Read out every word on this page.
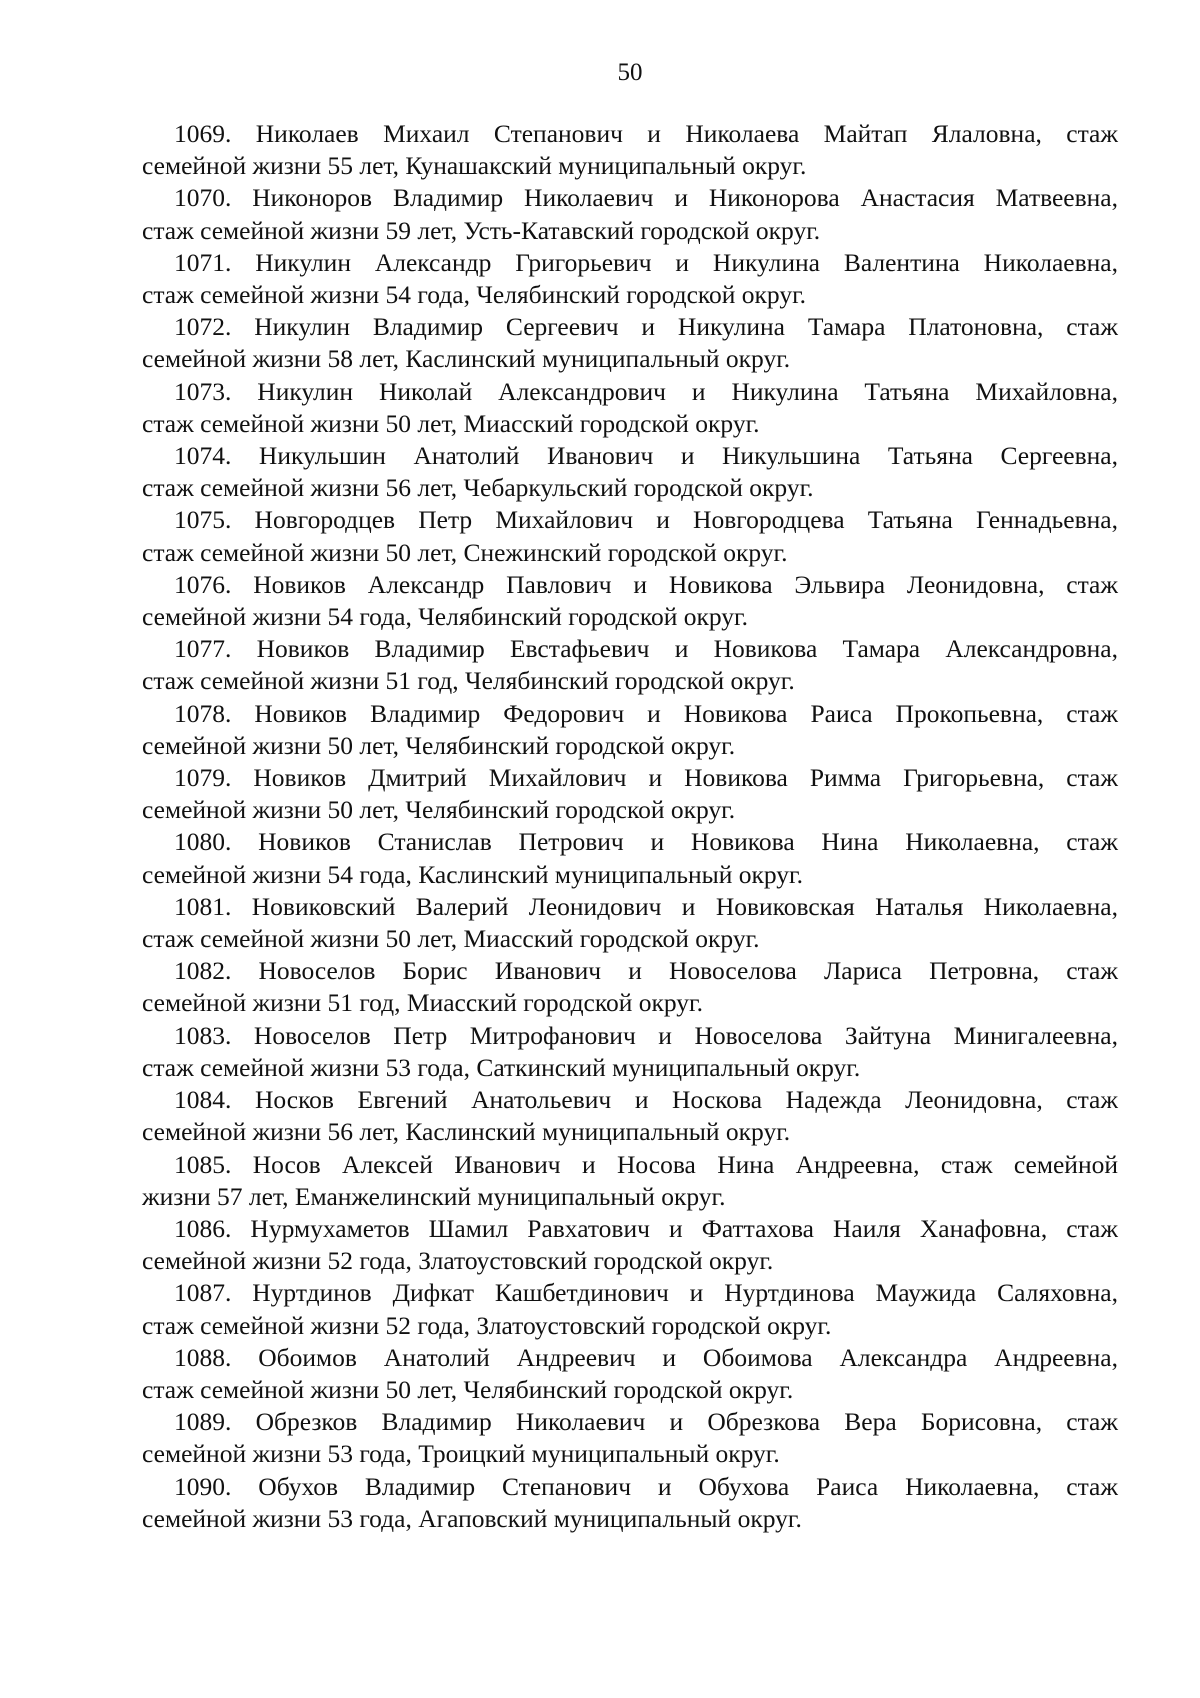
50

1069. Николаев Михаил Степанович и Николаева Майтап Ялаловна, стаж

семейной жизни 55 лет, Кунашакский муниципальный округ.

1070. Никоноров Владимир Николаевич и Никонорова Анастасия Матвеевна,

стаж семейной жизни 59 лет, Усть-Катавский городской округ.

1071. Никулин Александр Григорьевич и Никулина Валентина Николаевна,

стаж семейной жизни 54 года, Челябинский городской округ.

1072. Никулин Владимир Сергеевич и Никулина Тамара Платоновна, стаж

семейной жизни 58 лет, Каслинский муниципальный округ.

1073. Никулин Николай Александрович и Никулина Татьяна Михайловна,

стаж семейной жизни 50 лет, Миасский городской округ.

1074. Никульшин Анатолий Иванович и Никульшина Татьяна Сергеевна,

стаж семейной жизни 56 лет, Чебаркульский городской округ.

1075. Новгородцев Петр Михайлович и Новгородцева Татьяна Геннадьевна,

стаж семейной жизни 50 лет, Снежинский городской округ.

1076. Новиков Александр Павлович и Новикова Эльвира Леонидовна, стаж

семейной жизни 54 года, Челябинский городской округ.

1077. Новиков Владимир Евстафьевич и Новикова Тамара Александровна,

стаж семейной жизни 51 год, Челябинский городской округ.

1078. Новиков Владимир Федорович и Новикова Раиса Прокопьевна, стаж

семейной жизни 50 лет, Челябинский городской округ.

1079. Новиков Дмитрий Михайлович и Новикова Римма Григорьевна, стаж

семейной жизни 50 лет, Челябинский городской округ.

1080. Новиков Станислав Петрович и Новикова Нина Николаевна, стаж

семейной жизни 54 года, Каслинский муниципальный округ.

1081. Новиковский Валерий Леонидович и Новиковская Наталья Николаевна,

стаж семейной жизни 50 лет, Миасский городской округ.

1082. Новоселов Борис Иванович и Новоселова Лариса Петровна, стаж

семейной жизни 51 год, Миасский городской округ.

1083. Новоселов Петр Митрофанович и Новоселова Зайтуна Минигалеевна,

стаж семейной жизни 53 года, Саткинский муниципальный округ.

1084. Носков Евгений Анатольевич и Носкова Надежда Леонидовна, стаж

семейной жизни 56 лет, Каслинский муниципальный округ.

1085. Носов Алексей Иванович и Носова Нина Андреевна, стаж семейной

жизни 57 лет, Еманжелинский муниципальный округ.

1086. Нурмухаметов Шамил Равхатович и Фаттахова Наиля Ханафовна, стаж

семейной жизни 52 года, Златоустовский городской округ.

1087. Нуртдинов Дифкат Кашбетдинович и Нуртдинова Маужида Саляховна,

стаж семейной жизни 52 года, Златоустовский городской округ.

1088. Обоимов Анатолий Андреевич и Обоимова Александра Андреевна,

стаж семейной жизни 50 лет, Челябинский городской округ.

1089. Обрезков Владимир Николаевич и Обрезкова Вера Борисовна, стаж

семейной жизни 53 года, Троицкий муниципальный округ.

1090. Обухов Владимир Степанович и Обухова Раиса Николаевна, стаж

семейной жизни 53 года, Агаповский муниципальный округ.
